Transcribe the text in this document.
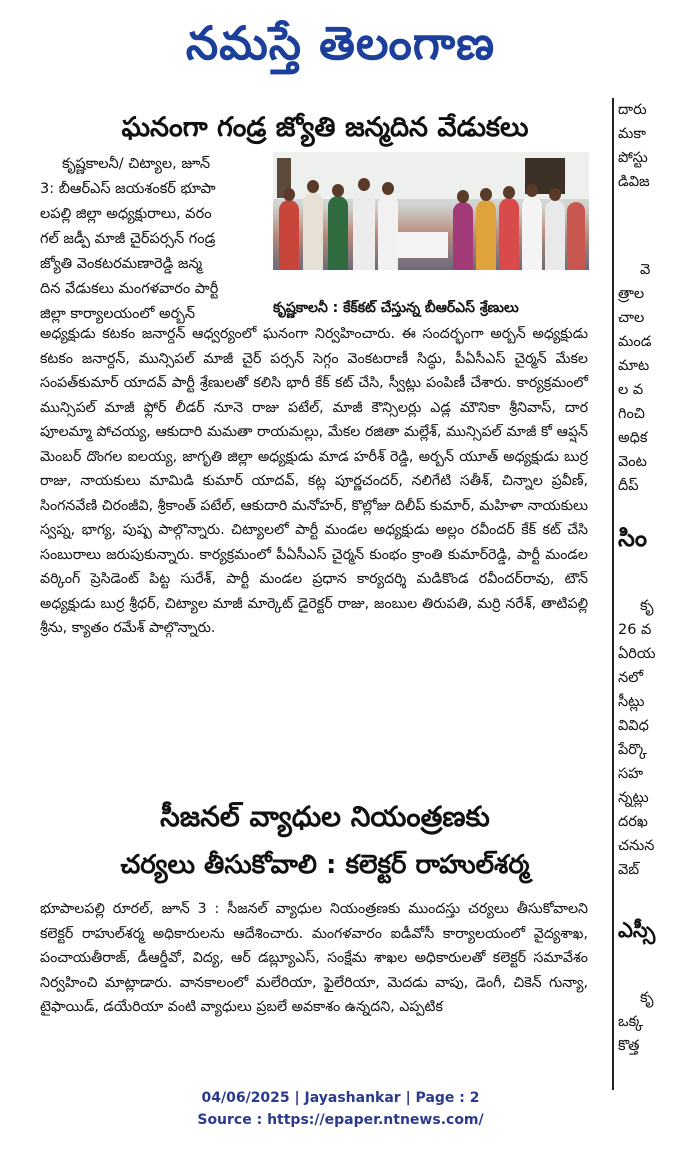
నమస్తే తెలంగాణ
ఘనంగా గండ్ర జ్యోతి జన్మదిన వేడుకలు
కృష్ణకాలనీ/ చిట్యాల, జూన్
3: బీఆర్‌ఎస్ జయశంకర్ భూపా
లపల్లి జిల్లా అధ్యక్షురాలు, వరం
గల్ జడ్పీ మాజీ చైర్‌పర్సన్ గండ్ర
జ్యోతి వెంకటరమణారెడ్డి జన్మ
దిన వేడుకలు మంగళవారం పార్టీ
జిల్లా కార్యాలయంలో అర్బన్	కృష్ణకాలనీ : కేక్‌కట్ చేస్తున్న బీఆర్‌ఎస్ శ్రేణులు

అధ్యక్షుడు కటకం జనార్దన్ ఆధ్వర్యంలో ఘనంగా నిర్వహించారు. ఈ సందర్భంగా అర్బన్ అధ్యక్షుడు కటకం జనార్దన్, మున్సిపల్ మాజీ చైర్ పర్సన్ సెగ్గం వెంకటరాణీ సిద్ధు, పీఏసీఎస్ చైర్మన్ మేకల సంపత్‌కుమార్ యాదవ్ పార్టీ శ్రేణులతో కలిసి భారీ కేక్ కట్ చేసి, స్వీట్లు పంపిణీ చేశారు. కార్యక్రమంలో మున్సిపల్ మాజీ ఫ్లోర్ లీడర్ నూనె రాజు పటేల్, మాజీ కౌన్సిలర్లు ఎడ్ల మౌనికా శ్రీనివాస్, దార పూలమ్మా పోచయ్య, ఆకుదారి మమతా రాయమల్లు, మేకల రజితా మల్లేశ్, మున్సిపల్ మాజీ కో ఆప్షన్ మెంబర్ దొంగల ఐలయ్య, జాగృతి జిల్లా అధ్యక్షుడు మాడ హరీశ్ రెడ్డి, అర్బన్ యూత్ అధ్యక్షుడు బుర్ర రాజు, నాయకులు మామిడి కుమార్ యాదవ్, కట్ల పూర్ణచందర్, నలిగేటి సతీశ్, చిన్నాల ప్రవీణ్, సింగనవేణి చిరంజీవి, శ్రీకాంత్ పటేల్, ఆకుదారి మనోహర్, కొల్లోజు దిలీప్ కుమార్, మహిళా నాయకులు స్వప్న, భాగ్య, పుష్ప పాల్గొన్నారు. చిట్యాలలో పార్టీ మండల అధ్యక్షుడు అల్లం రవీందర్ కేక్ కట్ చేసి సంబురాలు జరుపుకున్నారు. కార్యక్రమంలో పీఏసీఎస్ చైర్మన్ కుంభం క్రాంతి కుమార్‌రెడ్డి, పార్టీ మండల వర్కింగ్ ప్రెసిడెంట్ పిట్ట సురేశ్, పార్టీ మండల ప్రధాన కార్యదర్శి మడికొండ రవీందర్‌రావు, టౌన్ అధ్యక్షుడు బుర్ర శ్రీధర్, చిట్యాల మాజీ మార్కెట్ డైరెక్టర్ రాజు, జంబుల తిరుపతి, మర్రి నరేశ్, తాటిపల్లి శ్రీను, క్యాతం రమేశ్ పాల్గొన్నారు.

సీజనల్ వ్యాధుల నియంత్రణకు
చర్యలు తీసుకోవాలి : కలెక్టర్ రాహుల్‌శర్మ

భూపాలపల్లి రూరల్, జూన్ 3 : సీజనల్ వ్యాధుల నియంత్రణకు ముందస్తు చర్యలు తీసుకోవాలని కలెక్టర్ రాహుల్‌శర్మ అధికారులను ఆదేశించారు. మంగళవారం ఐడీవోసీ కార్యాలయంలో వైద్యశాఖ, పంచాయతీరాజ్, డీఆర్డీవో, విద్య, ఆర్ డబ్ల్యూఎస్, సంక్షేమ శాఖల అధికారులతో కలెక్టర్ సమావేశం నిర్వహించి మాట్లాడారు. వానకాలంలో మలేరియా, ఫైలేరియా, మెదడు వాపు, డెంగీ, చికెన్ గున్యా, టైఫాయిడ్, డయేరియా వంటి వ్యాధులు ప్రబలే అవకాశం ఉన్నదని, ఎప్పటిక

దారు
మకా
పోస్టు
డివిజ
వె
త్రాల
చాల
మండ
మాట
ల వ
గించి
అధిక
వెంట
దీప్
సిం
కృ
26 వ
ఏరియ
నలో
సీట్లు
వివిధ
పేర్కొ
సహ
న్నట్లు
దరఖ
చనున
వెబ్
ఎస్సీ
కృ
ఒక్క
కొత్త
04/06/2025 | Jayashankar | Page : 2
Source : https://epaper.ntnews.com/
